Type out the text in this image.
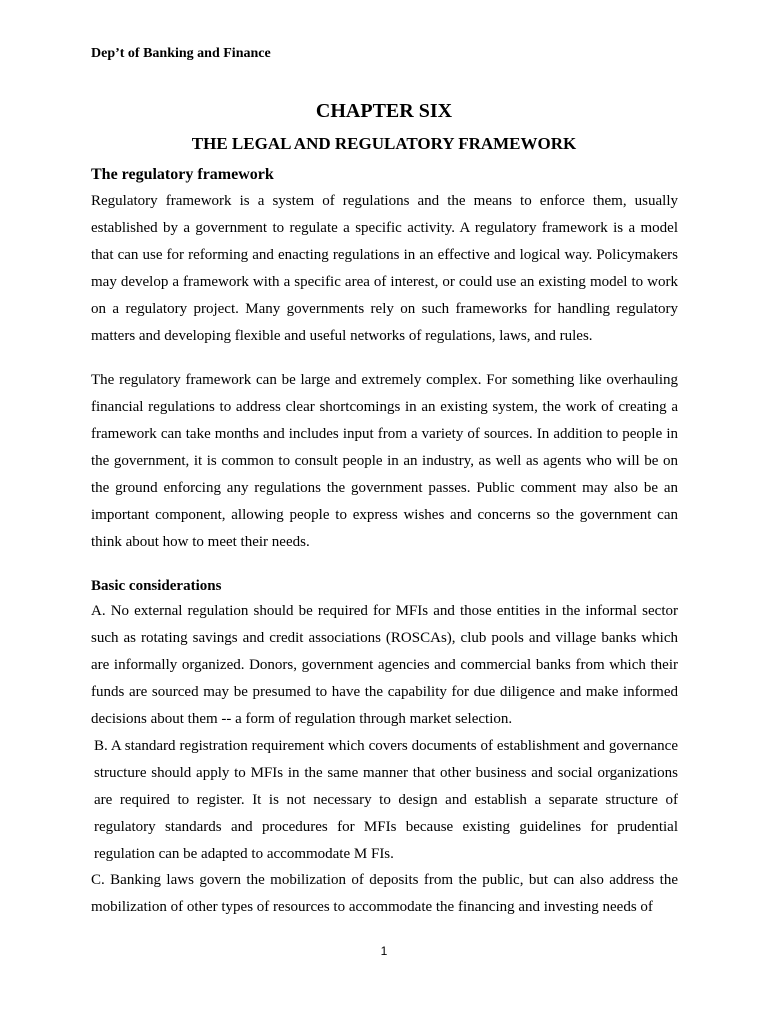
Dep’t of Banking and Finance
CHAPTER SIX
THE LEGAL AND REGULATORY FRAMEWORK
The regulatory framework

Regulatory framework is a system of regulations and the means to enforce them, usually established by a government to regulate a specific activity. A regulatory framework is a model that can use for reforming and enacting regulations in an effective and logical way. Policymakers may develop a framework with a specific area of interest, or could use an existing model to work on a regulatory project. Many governments rely on such frameworks for handling regulatory matters and developing flexible and useful networks of regulations, laws, and rules.

The regulatory framework can be large and extremely complex. For something like overhauling financial regulations to address clear shortcomings in an existing system, the work of creating a framework can take months and includes input from a variety of sources. In addition to people in the government, it is common to consult people in an industry, as well as agents who will be on the ground enforcing any regulations the government passes. Public comment may also be an important component, allowing people to express wishes and concerns so the government can think about how to meet their needs.

Basic considerations

A. No external regulation should be required for MFIs and those entities in the informal sector such as rotating savings and credit associations (ROSCAs), club pools and village banks which are informally organized. Donors, government agencies and commercial banks from which their funds are sourced may be presumed to have the capability for due diligence and make informed decisions about them -- a form of regulation through market selection.

B. A standard registration requirement which covers documents of establishment and governance structure should apply to MFIs in the same manner that other business and social organizations are required to register. It is not necessary to design and establish a separate structure of regulatory standards and procedures for MFIs because existing guidelines for prudential regulation can be adapted to accommodate M FIs.

C. Banking laws govern the mobilization of deposits from the public, but can also address the mobilization of other types of resources to accommodate the financing and investing needs of

1
